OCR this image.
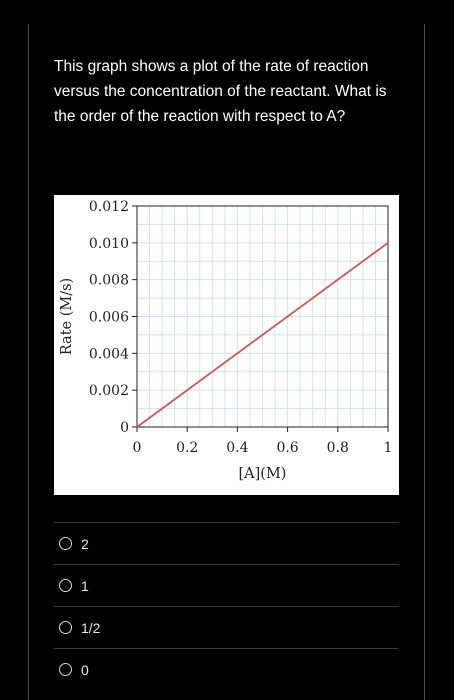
This graph shows a plot of the rate of reaction versus the concentration of the reactant. What is the order of the reaction with respect to A?
0
0.002
0.004
0.006
0.008
0.010
0.012
0 0.2 0.4 0.6 0.8 1
[A](M)
Rate (M/s)
2
1
1/2
0
